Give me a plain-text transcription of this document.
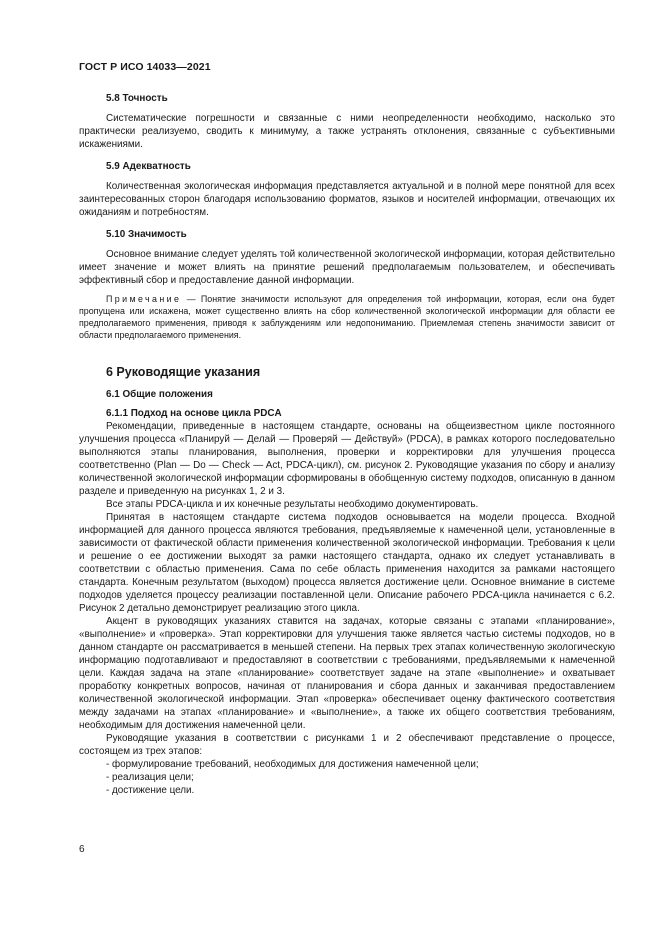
ГОСТ Р ИСО 14033—2021

5.8 Точность

Систематические погрешности и связанные с ними неопределенности необходимо, насколько это практически реализуемо, сводить к минимуму, а также устранять отклонения, связанные с субъективными искажениями.

5.9 Адекватность

Количественная экологическая информация представляется актуальной и в полной мере понятной для всех заинтересованных сторон благодаря использованию форматов, языков и носителей информации, отвечающих их ожиданиям и потребностям.

5.10 Значимость

Основное внимание следует уделять той количественной экологической информации, которая действительно имеет значение и может влиять на принятие решений предполагаемым пользователем, и обеспечивать эффективный сбор и предоставление данной информации.

Примечание — Понятие значимости используют для определения той информации, которая, если она будет пропущена или искажена, может существенно влиять на сбор количественной экологической информации для области ее предполагаемого применения, приводя к заблуждениям или недопониманию. Приемлемая степень значимости зависит от области предполагаемого применения.

6 Руководящие указания

6.1 Общие положения

6.1.1 Подход на основе цикла PDCA

Рекомендации, приведенные в настоящем стандарте, основаны на общеизвестном цикле постоянного улучшения процесса «Планируй — Делай — Проверяй — Действуй» (PDCA), в рамках которого последовательно выполняются этапы планирования, выполнения, проверки и корректировки для улучшения процесса соответственно (Plan — Do — Check — Act, PDCA-цикл), см. рисунок 2. Руководящие указания по сбору и анализу количественной экологической информации сформированы в обобщенную систему подходов, описанную в данном разделе и приведенную на рисунках 1, 2 и 3.

Все этапы PDCA-цикла и их конечные результаты необходимо документировать.

Принятая в настоящем стандарте система подходов основывается на модели процесса. Входной информацией для данного процесса являются требования, предъявляемые к намеченной цели, установленные в зависимости от фактической области применения количественной экологической информации. Требования к цели и решение о ее достижении выходят за рамки настоящего стандарта, однако их следует устанавливать в соответствии с областью применения. Сама по себе область применения находится за рамками настоящего стандарта. Конечным результатом (выходом) процесса является достижение цели. Основное внимание в системе подходов уделяется процессу реализации поставленной цели. Описание рабочего PDCA-цикла начинается с 6.2. Рисунок 2 детально демонстрирует реализацию этого цикла.

Акцент в руководящих указаниях ставится на задачах, которые связаны с этапами «планирование», «выполнение» и «проверка». Этап корректировки для улучшения также является частью системы подходов, но в данном стандарте он рассматривается в меньшей степени. На первых трех этапах количественную экологическую информацию подготавливают и предоставляют в соответствии с требованиями, предъявляемыми к намеченной цели. Каждая задача на этапе «планирование» соответствует задаче на этапе «выполнение» и охватывает проработку конкретных вопросов, начиная от планирования и сбора данных и заканчивая предоставлением количественной экологической информации. Этап «проверка» обеспечивает оценку фактического соответствия между задачами на этапах «планирование» и «выполнение», а также их общего соответствия требованиям, необходимым для достижения намеченной цели.

Руководящие указания в соответствии с рисунками 1 и 2 обеспечивают представление о процессе, состоящем из трех этапов:

- формулирование требований, необходимых для достижения намеченной цели;

- реализация цели;

- достижение цели.

6
